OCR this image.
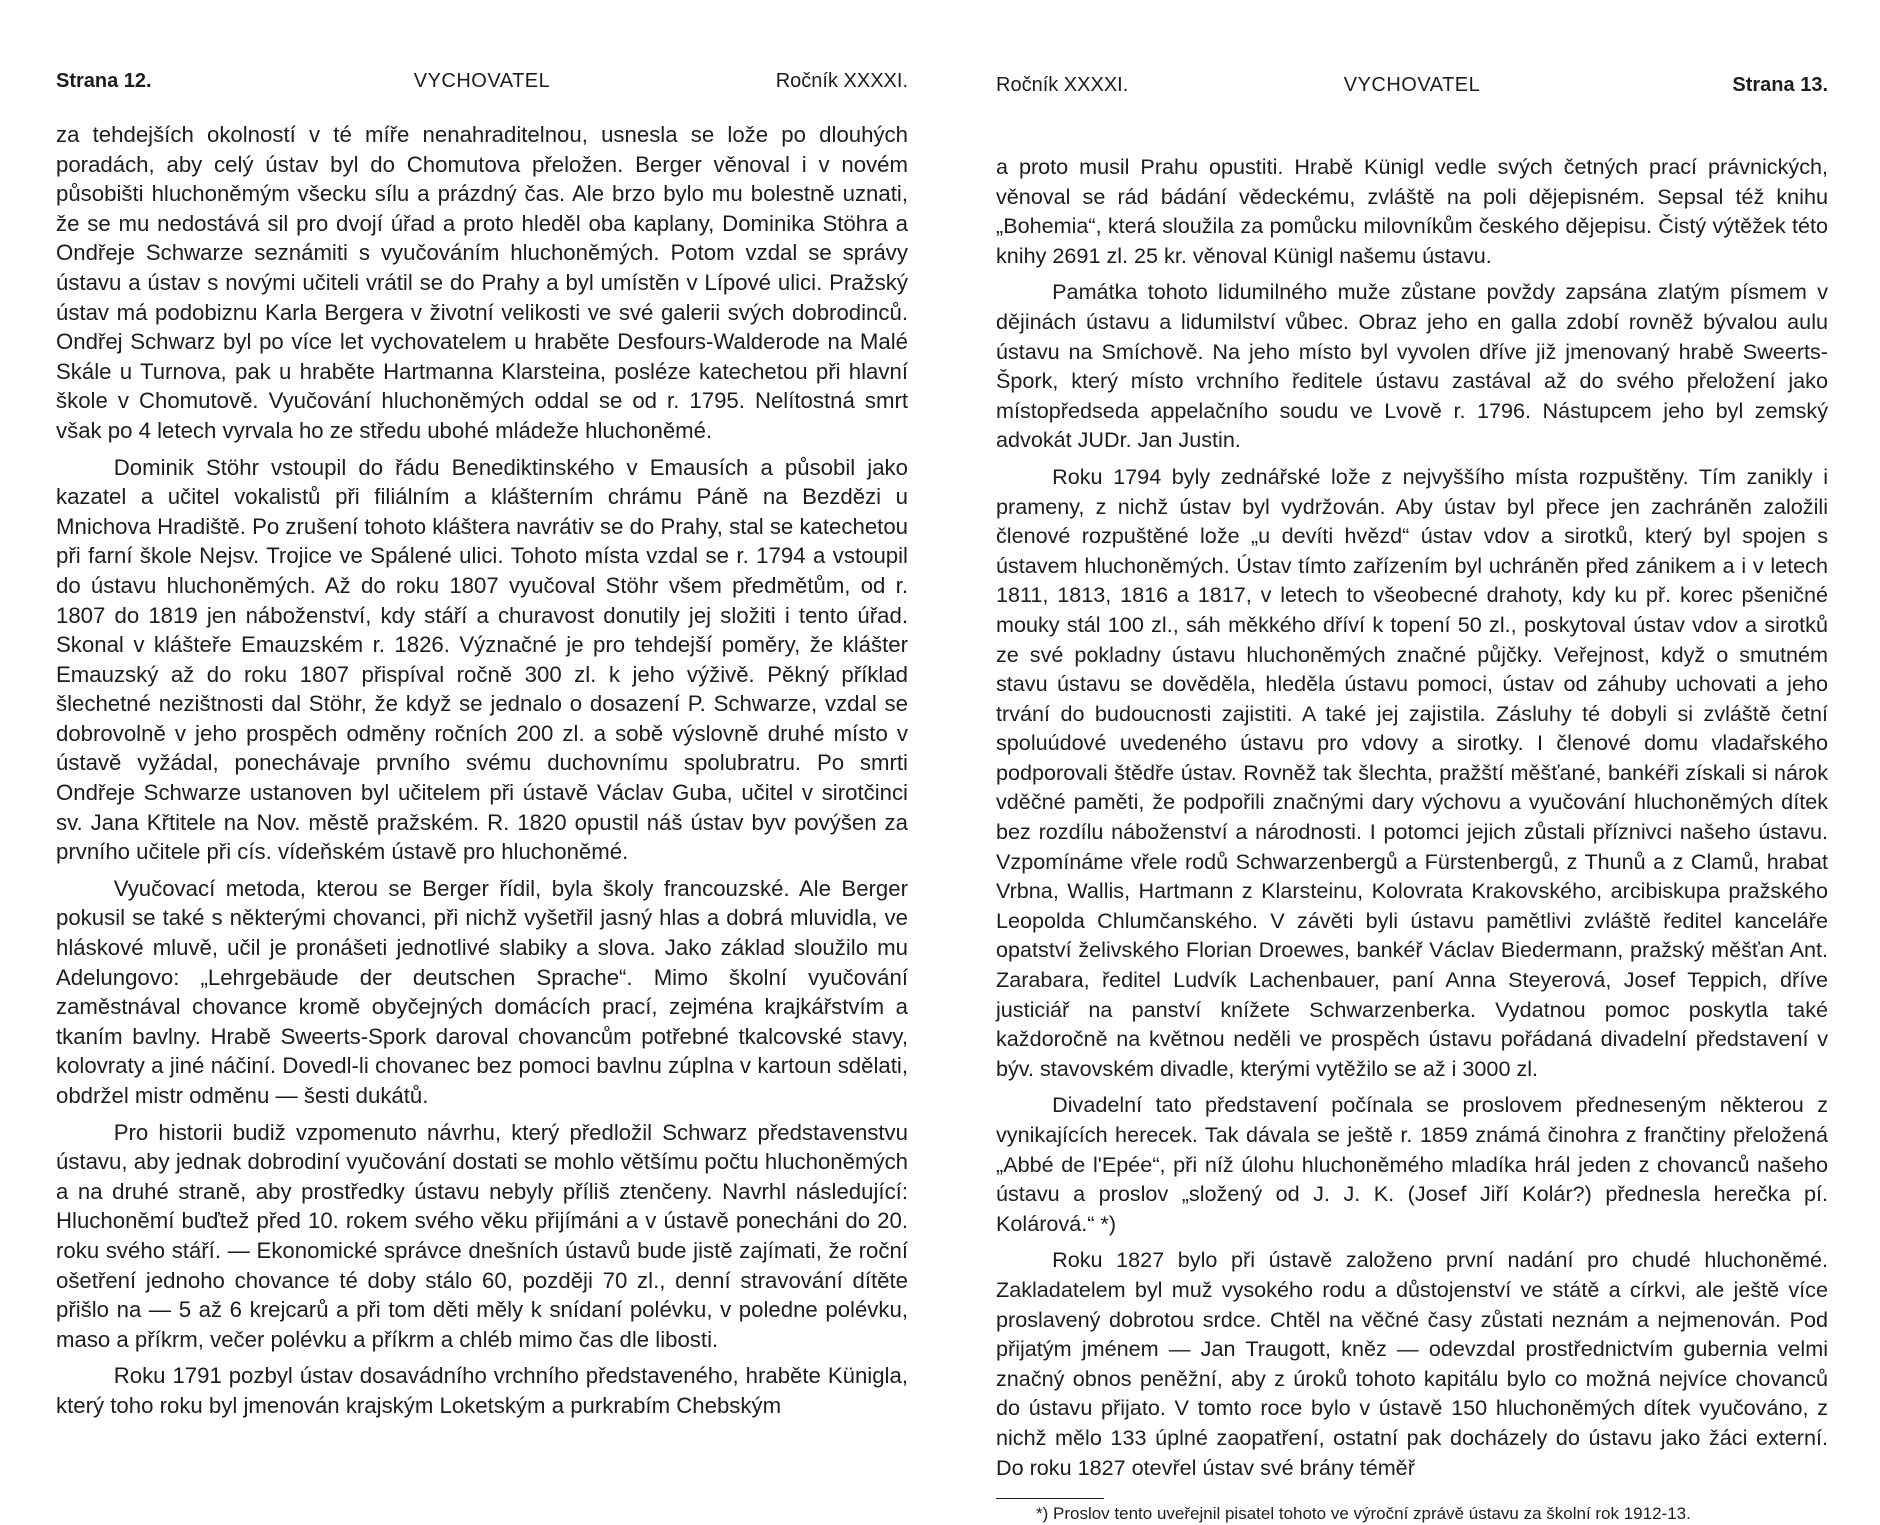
Strana 12.	VYCHOVATEL	Ročník XXXXI.

za tehdejších okolností v té míře nenahraditelnou, usnesla se lože po dlouhých poradách, aby celý ústav byl do Chomutova přeložen. Berger věnoval i v novém působišti hluchoněmým všecku sílu a prázdný čas. Ale brzo bylo mu bolestně uznati, že se mu nedostává sil pro dvojí úřad a proto hleděl oba kaplany, Dominika Stöhra a Ondřeje Schwarze seznámiti s vyučováním hluchoněmých. Potom vzdal se správy ústavu a ústav s novými učiteli vrátil se do Prahy a byl umístěn v Lípové ulici. Pražský ústav má podobiznu Karla Bergera v životní velikosti ve své galerii svých dobrodinců. Ondřej Schwarz byl po více let vychovatelem u hraběte Desfours-Walderode na Malé Skále u Turnova, pak u hraběte Hartmanna Klarsteina, posléze katechetou při hlavní škole v Chomutově. Vyučování hluchoněmých oddal se od r. 1795. Nelítostná smrt však po 4 letech vyrvala ho ze středu ubohé mládeže hluchoněmé.

Dominik Stöhr vstoupil do řádu Benediktinského v Emausích a působil jako kazatel a učitel vokalistů při filiálním a klášterním chrámu Páně na Bezdězi u Mnichova Hradiště. Po zrušení tohoto kláštera navrátiv se do Prahy, stal se katechetou při farní škole Nejsv. Trojice ve Spálené ulici. Tohoto místa vzdal se r. 1794 a vstoupil do ústavu hluchoněmých. Až do roku 1807 vyučoval Stöhr všem předmětům, od r. 1807 do 1819 jen náboženství, kdy stáří a churavost donutily jej složiti i tento úřad. Skonal v klášteře Emauzském r. 1826. Význačné je pro tehdejší poměry, že klášter Emauzský až do roku 1807 přispíval ročně 300 zl. k jeho výživě. Pěkný příklad šlechetné nezištnosti dal Stöhr, že když se jednalo o dosazení P. Schwarze, vzdal se dobrovolně v jeho prospěch odměny ročních 200 zl. a sobě výslovně druhé místo v ústavě vyžádal, ponechávaje prvního svému duchovnímu spolubratru. Po smrti Ondřeje Schwarze ustanoven byl učitelem při ústavě Václav Guba, učitel v sirotčinci sv. Jana Křtitele na Nov. městě pražském. R. 1820 opustil náš ústav byv povýšen za prvního učitele při cís. vídeňském ústavě pro hluchoněmé.

Vyučovací metoda, kterou se Berger řídil, byla školy francouzské. Ale Berger pokusil se také s některými chovanci, při nichž vyšetřil jasný hlas a dobrá mluvidla, ve hláskové mluvě, učil je pronášeti jednotlivé slabiky a slova. Jako základ sloužilo mu Adelungovo: „Lehrgebäude der deutschen Sprache“. Mimo školní vyučování zaměstnával chovance kromě obyčejných domácích prací, zejména krajkářstvím a tkaním bavlny. Hrabě Sweerts-Spork daroval chovancům potřebné tkalcovské stavy, kolovraty a jiné náčiní. Dovedl-li chovanec bez pomoci bavlnu zúplna v kartoun sdělati, obdržel mistr odměnu — šesti dukátů.

Pro historii budiž vzpomenuto návrhu, který předložil Schwarz představenstvu ústavu, aby jednak dobrodiní vyučování dostati se mohlo většímu počtu hluchoněmých a na druhé straně, aby prostředky ústavu nebyly příliš ztenčeny. Navrhl následující: Hluchoněmí buďtež před 10. rokem svého věku přijímáni a v ústavě ponecháni do 20. roku svého stáří. — Ekonomické správce dnešních ústavů bude jistě zajímati, že roční ošetření jednoho chovance té doby stálo 60, později 70 zl., denní stravování dítěte přišlo na — 5 až 6 krejcarů a při tom děti měly k snídaní polévku, v poledne polévku, maso a příkrm, večer polévku a příkrm a chléb mimo čas dle libosti.

Roku 1791 pozbyl ústav dosavádního vrchního představeného, hraběte Künigla, který toho roku byl jmenován krajským Loketským a purkrabím Chebským

Ročník XXXXI.	VYCHOVATEL	Strana 13.

a proto musil Prahu opustiti. Hrabě Künigl vedle svých četných prací právnických, věnoval se rád bádání vědeckému, zvláště na poli dějepisném. Sepsal též knihu „Bohemia“, která sloužila za pomůcku milovníkům českého dějepisu. Čistý výtěžek této knihy 2691 zl. 25 kr. věnoval Künigl našemu ústavu.

Památka tohoto lidumilného muže zůstane povždy zapsána zlatým písmem v dějinách ústavu a lidumilství vůbec. Obraz jeho en galla zdobí rovněž bývalou aulu ústavu na Smíchově. Na jeho místo byl vyvolen dříve již jmenovaný hrabě Sweerts-Špork, který místo vrchního ředitele ústavu zastával až do svého přeložení jako místopředseda appelačního soudu ve Lvově r. 1796. Nástupcem jeho byl zemský advokát JUDr. Jan Justin.

Roku 1794 byly zednářské lože z nejvyššího místa rozpuštěny. Tím zanikly i prameny, z nichž ústav byl vydržován. Aby ústav byl přece jen zachráněn založili členové rozpuštěné lože „u devíti hvězd“ ústav vdov a sirotků, který byl spojen s ústavem hluchoněmých. Ústav tímto zařízením byl uchráněn před zánikem a i v letech 1811, 1813, 1816 a 1817, v letech to všeobecné drahoty, kdy ku př. korec pšeničné mouky stál 100 zl., sáh měkkého dříví k topení 50 zl., poskytoval ústav vdov a sirotků ze své pokladny ústavu hluchoněmých značné půjčky. Veřejnost, když o smutném stavu ústavu se dověděla, hleděla ústavu pomoci, ústav od záhuby uchovati a jeho trvání do budoucnosti zajistiti. A také jej zajistila. Zásluhy té dobyli si zvláště četní spoluúdové uvedeného ústavu pro vdovy a sirotky. I členové domu vladařského podporovali štědře ústav. Rovněž tak šlechta, pražští měšťané, bankéři získali si nárok vděčné paměti, že podpořili značnými dary výchovu a vyučování hluchoněmých dítek bez rozdílu náboženství a národnosti. I potomci jejich zůstali příznivci našeho ústavu. Vzpomínáme vřele rodů Schwarzenbergů a Fürstenbergů, z Thunů a z Clamů, hrabat Vrbna, Wallis, Hartmann z Klarsteinu, Kolovrata Krakovského, arcibiskupa pražského Leopolda Chlumčanského. V závěti byli ústavu pamětlivi zvláště ředitel kanceláře opatství želivského Florian Droewes, bankéř Václav Biedermann, pražský měšťan Ant. Zarabara, ředitel Ludvík Lachenbauer, paní Anna Steyerová, Josef Teppich, dříve justiciář na panství knížete Schwarzenberka. Vydatnou pomoc poskytla také každoročně na květnou neděli ve prospěch ústavu pořádaná divadelní představení v býv. stavovském divadle, kterými vytěžilo se až i 3000 zl.

Divadelní tato představení počínala se proslovem předneseným některou z vynikajících herecek. Tak dávala se ještě r. 1859 známá činohra z frančtiny přeložená „Abbé de l'Epée“, při níž úlohu hluchoněmého mladíka hrál jeden z chovanců našeho ústavu a proslov „složený od J. J. K. (Josef Jiří Kolár?) přednesla herečka pí. Kolárová.“ *)

Roku 1827 bylo při ústavě založeno první nadání pro chudé hluchoněmé. Zakladatelem byl muž vysokého rodu a důstojenství ve státě a církvi, ale ještě více proslavený dobrotou srdce. Chtěl na věčné časy zůstati neznám a nejmenován. Pod přijatým jménem — Jan Traugott, kněz — odevzdal prostřednictvím gubernia velmi značný obnos peněžní, aby z úroků tohoto kapitálu bylo co možná nejvíce chovanců do ústavu přijato. V tomto roce bylo v ústavě 150 hluchoněmých dítek vyučováno, z nichž mělo 133 úplné zaopatření, ostatní pak docházely do ústavu jako žáci externí. Do roku 1827 otevřel ústav své brány téměř

*) Proslov tento uveřejnil pisatel tohoto ve výroční zprávě ústavu za školní rok 1912-13.
